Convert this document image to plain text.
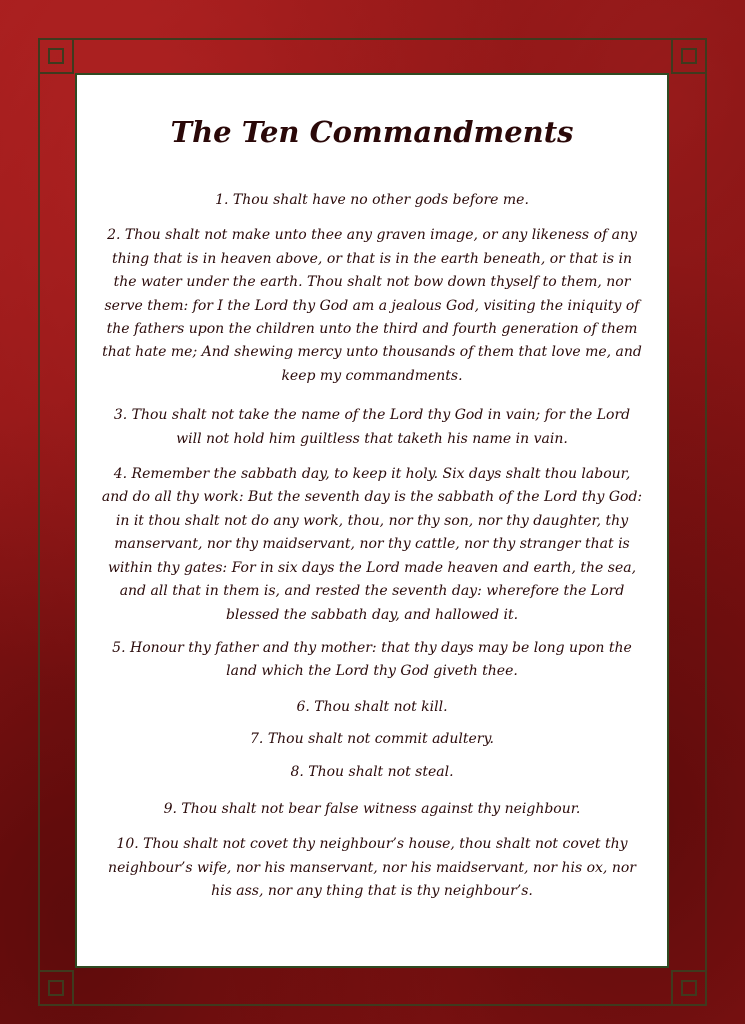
The Ten Commandments

1. Thou shalt have no other gods before me.

2. Thou shalt not make unto thee any graven image, or any likeness of any thing that is in heaven above, or that is in the earth beneath, or that is in the water under the earth. Thou shalt not bow down thyself to them, nor serve them: for I the Lord thy God am a jealous God, visiting the iniquity of the fathers upon the children unto the third and fourth generation of them that hate me; And shewing mercy unto thousands of them that love me, and keep my commandments.

3. Thou shalt not take the name of the Lord thy God in vain; for the Lord will not hold him guiltless that taketh his name in vain.

4. Remember the sabbath day, to keep it holy. Six days shalt thou labour, and do all thy work: But the seventh day is the sabbath of the Lord thy God: in it thou shalt not do any work, thou, nor thy son, nor thy daughter, thy manservant, nor thy maidservant, nor thy cattle, nor thy stranger that is within thy gates: For in six days the Lord made heaven and earth, the sea, and all that in them is, and rested the seventh day: wherefore the Lord blessed the sabbath day, and hallowed it.

5. Honour thy father and thy mother: that thy days may be long upon the land which the Lord thy God giveth thee.

6. Thou shalt not kill.

7. Thou shalt not commit adultery.

8. Thou shalt not steal.

9. Thou shalt not bear false witness against thy neighbour.

10. Thou shalt not covet thy neighbour’s house, thou shalt not covet thy neighbour’s wife, nor his manservant, nor his maidservant, nor his ox, nor his ass, nor any thing that is thy neighbour’s.
